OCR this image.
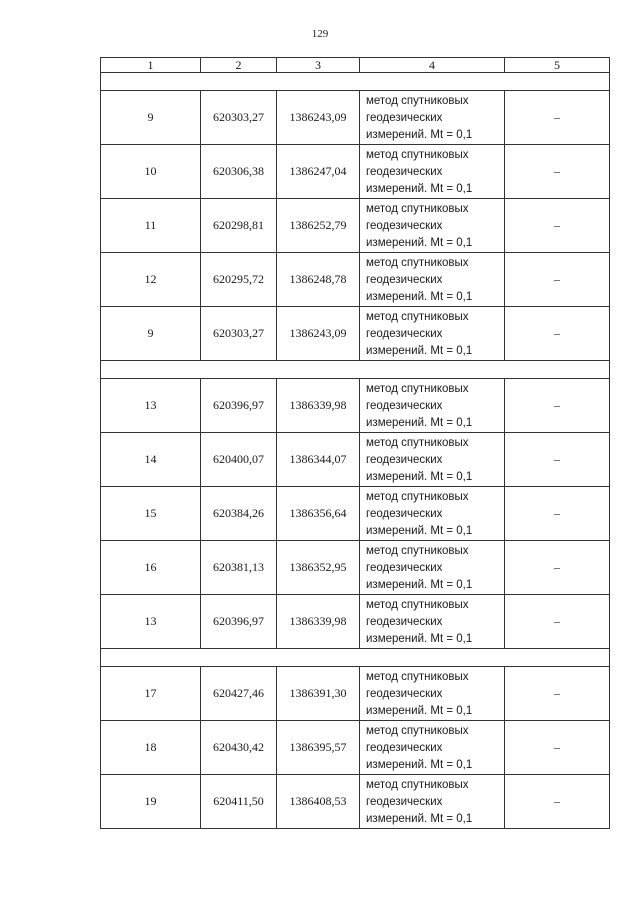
129
1	2	3	4	5

9	620303,27	1386243,09	метод спутниковых
геодезических
измерений. Mt = 0,1	–
10	620306,38	1386247,04	метод спутниковых
геодезических
измерений. Mt = 0,1	–
11	620298,81	1386252,79	метод спутниковых
геодезических
измерений. Mt = 0,1	–
12	620295,72	1386248,78	метод спутниковых
геодезических
измерений. Mt = 0,1	–
9	620303,27	1386243,09	метод спутниковых
геодезических
измерений. Mt = 0,1	–

13	620396,97	1386339,98	метод спутниковых
геодезических
измерений. Mt = 0,1	–
14	620400,07	1386344,07	метод спутниковых
геодезических
измерений. Mt = 0,1	–
15	620384,26	1386356,64	метод спутниковых
геодезических
измерений. Mt = 0,1	–
16	620381,13	1386352,95	метод спутниковых
геодезических
измерений. Mt = 0,1	–
13	620396,97	1386339,98	метод спутниковых
геодезических
измерений. Mt = 0,1	–

17	620427,46	1386391,30	метод спутниковых
геодезических
измерений. Mt = 0,1	–
18	620430,42	1386395,57	метод спутниковых
геодезических
измерений. Mt = 0,1	–
19	620411,50	1386408,53	метод спутниковых
геодезических
измерений. Mt = 0,1	–
